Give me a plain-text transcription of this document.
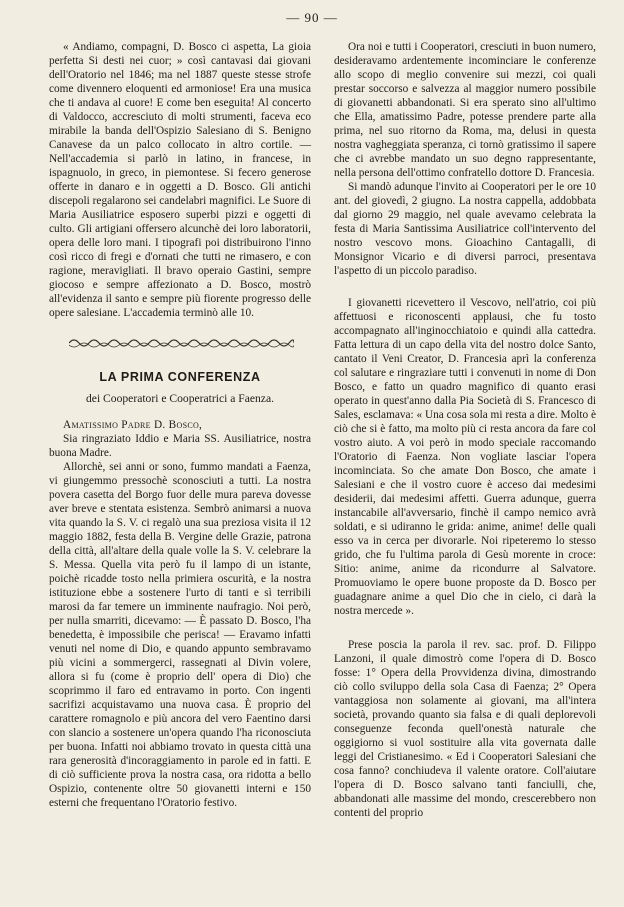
— 90 —

« Andiamo, compagni, D. Bosco ci aspetta, La gioia perfetta Si desti nei cuor; » così cantavasi dai giovani dell'Oratorio nel 1846; ma nel 1887 queste stesse strofe come divennero eloquenti ed armoniose! Era una musica che ti andava al cuore! E come ben eseguita! Al concerto di Valdocco, accresciuto di molti strumenti, faceva eco mirabile la banda dell'Ospizio Salesiano di S. Benigno Canavese da un palco collocato in altro cortile. — Nell'accademia si parlò in latino, in francese, in ispagnuolo, in greco, in piemontese. Si fecero generose offerte in danaro e in oggetti a D. Bosco. Gli antichi discepoli regalarono sei candelabri magnifici. Le Suore di Maria Ausiliatrice esposero superbi pizzi e oggetti di culto. Gli artigiani offersero alcunchè dei loro laboratorii, opera delle loro mani. I tipografi poi distribuirono l'inno così ricco di fregi e d'ornati che tutti ne rimasero, e con ragione, meravigliati. Il bravo operaio Gastini, sempre giocoso e sempre affezionato a D. Bosco, mostrò all'evidenza il santo e sempre più fiorente progresso delle opere salesiane. L'accademia terminò alle 10.

LA PRIMA CONFERENZA
dei Cooperatori e Cooperatrici a Faenza.

Amatissimo Padre D. Bosco,

Sia ringraziato Iddio e Maria SS. Ausiliatrice, nostra buona Madre.

Allorchè, sei anni or sono, fummo mandati a Faenza, vi giungemmo pressochè sconosciuti a tutti. La nostra povera casetta del Borgo fuor delle mura pareva dovesse aver breve e stentata esistenza. Sembrò animarsi a nuova vita quando la S. V. ci regalò una sua preziosa visita il 12 maggio 1882, festa della B. Vergine delle Grazie, patrona della città, all'altare della quale volle la S. V. celebrare la S. Messa. Quella vita però fu il lampo di un istante, poichè ricadde tosto nella primiera oscurità, e la nostra istituzione ebbe a sostenere l'urto di tanti e sì terribili marosi da far temere un imminente naufragio. Noi però, per nulla smarriti, dicevamo: — È passato D. Bosco, l'ha benedetta, è impossibile che perisca! — Eravamo infatti venuti nel nome di Dio, e quando appunto sembravamo più vicini a sommergerci, rassegnati al Divin volere, allora si fu (come è proprio dell' opera di Dio) che scoprimmo il faro ed entravamo in porto. Con ingenti sacrifizi acquistavamo una nuova casa. È proprio del carattere romagnolo e più ancora del vero Faentino darsi con slancio a sostenere un'opera quando l'ha riconosciuta per buona. Infatti noi abbiamo trovato in questa città una rara generosità d'incoraggiamento in parole ed in fatti. E di ciò sufficiente prova la nostra casa, ora ridotta a bello Ospizio, contenente oltre 50 giovanetti interni e 150 esterni che frequentano l'Oratorio festivo.

Ora noi e tutti i Cooperatori, cresciuti in buon numero, desideravamo ardentemente incominciare le conferenze allo scopo di meglio convenire sui mezzi, coi quali prestar soccorso e salvezza al maggior numero possibile di giovanetti abbandonati. Si era sperato sino all'ultimo che Ella, amatissimo Padre, potesse prendere parte alla prima, nel suo ritorno da Roma, ma, delusi in questa nostra vagheggiata speranza, ci tornò gratissimo il sapere che ci avrebbe mandato un suo degno rappresentante, nella persona dell'ottimo confratello dottore D. Francesia.

Si mandò adunque l'invito ai Cooperatori per le ore 10 ant. del giovedì, 2 giugno. La nostra cappella, addobbata dal giorno 29 maggio, nel quale avevamo celebrata la festa di Maria Santissima Ausiliatrice coll'intervento del nostro vescovo mons. Gioachino Cantagalli, di Monsignor Vicario e di diversi parroci, presentava l'aspetto di un piccolo paradiso.

I giovanetti ricevettero il Vescovo, nell'atrio, coi più affettuosi e riconoscenti applausi, che fu tosto accompagnato all'inginocchiatoio e quindi alla cattedra. Fatta lettura di un capo della vita del nostro dolce Santo, cantato il Veni Creator, D. Francesia aprì la conferenza col salutare e ringraziare tutti i convenuti in nome di Don Bosco, e fatto un quadro magnifico di quanto erasi operato in quest'anno dalla Pia Società di S. Francesco di Sales, esclamava: « Una cosa sola mi resta a dire. Molto è ciò che si è fatto, ma molto più ci resta ancora da fare col vostro aiuto. A voi però in modo speciale raccomando l'Oratorio di Faenza. Non vogliate lasciar l'opera incominciata. So che amate Don Bosco, che amate i Salesiani e che il vostro cuore è acceso dai medesimi desiderii, dai medesimi affetti. Guerra adunque, guerra instancabile all'avversario, finchè il campo nemico avrà soldati, e si udiranno le grida: anime, anime! delle quali esso va in cerca per divorarle. Noi ripeteremo lo stesso grido, che fu l'ultima parola di Gesù morente in croce: Sitio: anime, anime da ricondurre al Salvatore. Promuoviamo le opere buone proposte da D. Bosco per guadagnare anime a quel Dio che in cielo, ci darà la nostra mercede ».

Prese poscia la parola il rev. sac. prof. D. Filippo Lanzoni, il quale dimostrò come l'opera di D. Bosco fosse: 1° Opera della Provvidenza divina, dimostrando ciò collo sviluppo della sola Casa di Faenza; 2° Opera vantaggiosa non solamente ai giovani, ma all'intera società, provando quanto sia falsa e di quali deplorevoli conseguenze feconda quell'onestà naturale che oggigiorno si vuol sostituire alla vita governata dalle leggi del Cristianesimo. « Ed i Cooperatori Salesiani che cosa fanno? conchiudeva il valente oratore. Coll'aiutare l'opera di D. Bosco salvano tanti fanciulli, che, abbandonati alle massime del mondo, crescerebbero non contenti del proprio
